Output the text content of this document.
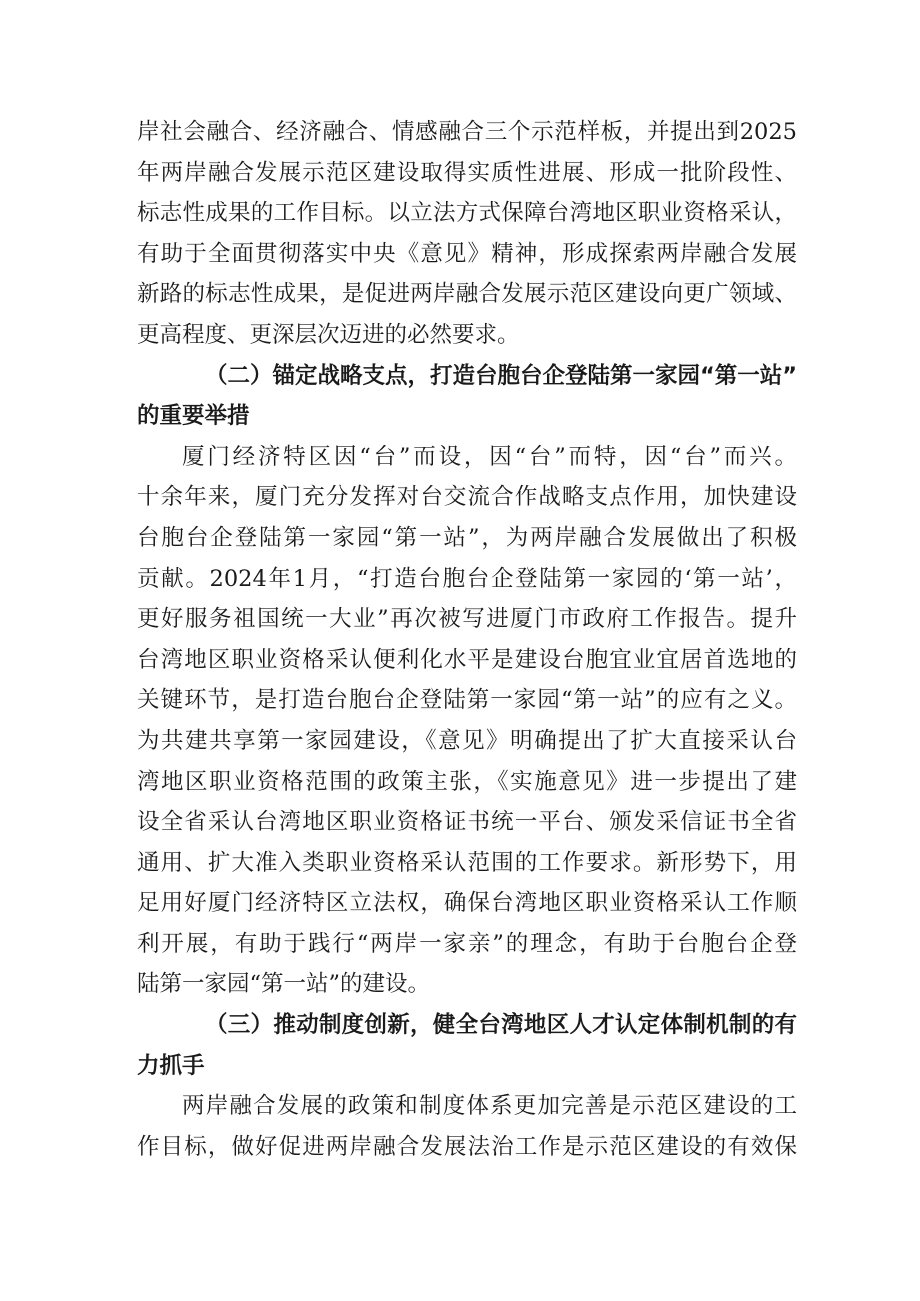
岸社会融合、经济融合、情感融合三个示范样板，并提出到2025
年两岸融合发展示范区建设取得实质性进展、形成一批阶段性、
标志性成果的工作目标。以立法方式保障台湾地区职业资格采认，
有助于全面贯彻落实中央《意见》精神，形成探索两岸融合发展
新路的标志性成果，是促进两岸融合发展示范区建设向更广领域、
更高程度、更深层次迈进的必然要求。
（二）锚定战略支点，打造台胞台企登陆第一家园“第一站”
的重要举措
厦门经济特区因“台”而设，因“台”而特，因“台”而兴。
十余年来，厦门充分发挥对台交流合作战略支点作用，加快建设
台胞台企登陆第一家园“第一站”，为两岸融合发展做出了积极
贡献。2024年1月，“打造台胞台企登陆第一家园的‘第一站’，
更好服务祖国统一大业”再次被写进厦门市政府工作报告。提升
台湾地区职业资格采认便利化水平是建设台胞宜业宜居首选地的
关键环节，是打造台胞台企登陆第一家园“第一站”的应有之义。
为共建共享第一家园建设，《意见》明确提出了扩大直接采认台
湾地区职业资格范围的政策主张，《实施意见》进一步提出了建
设全省采认台湾地区职业资格证书统一平台、颁发采信证书全省
通用、扩大准入类职业资格采认范围的工作要求。新形势下，用
足用好厦门经济特区立法权，确保台湾地区职业资格采认工作顺
利开展，有助于践行“两岸一家亲”的理念，有助于台胞台企登
陆第一家园“第一站”的建设。
（三）推动制度创新，健全台湾地区人才认定体制机制的有
力抓手
两岸融合发展的政策和制度体系更加完善是示范区建设的工
作目标，做好促进两岸融合发展法治工作是示范区建设的有效保
